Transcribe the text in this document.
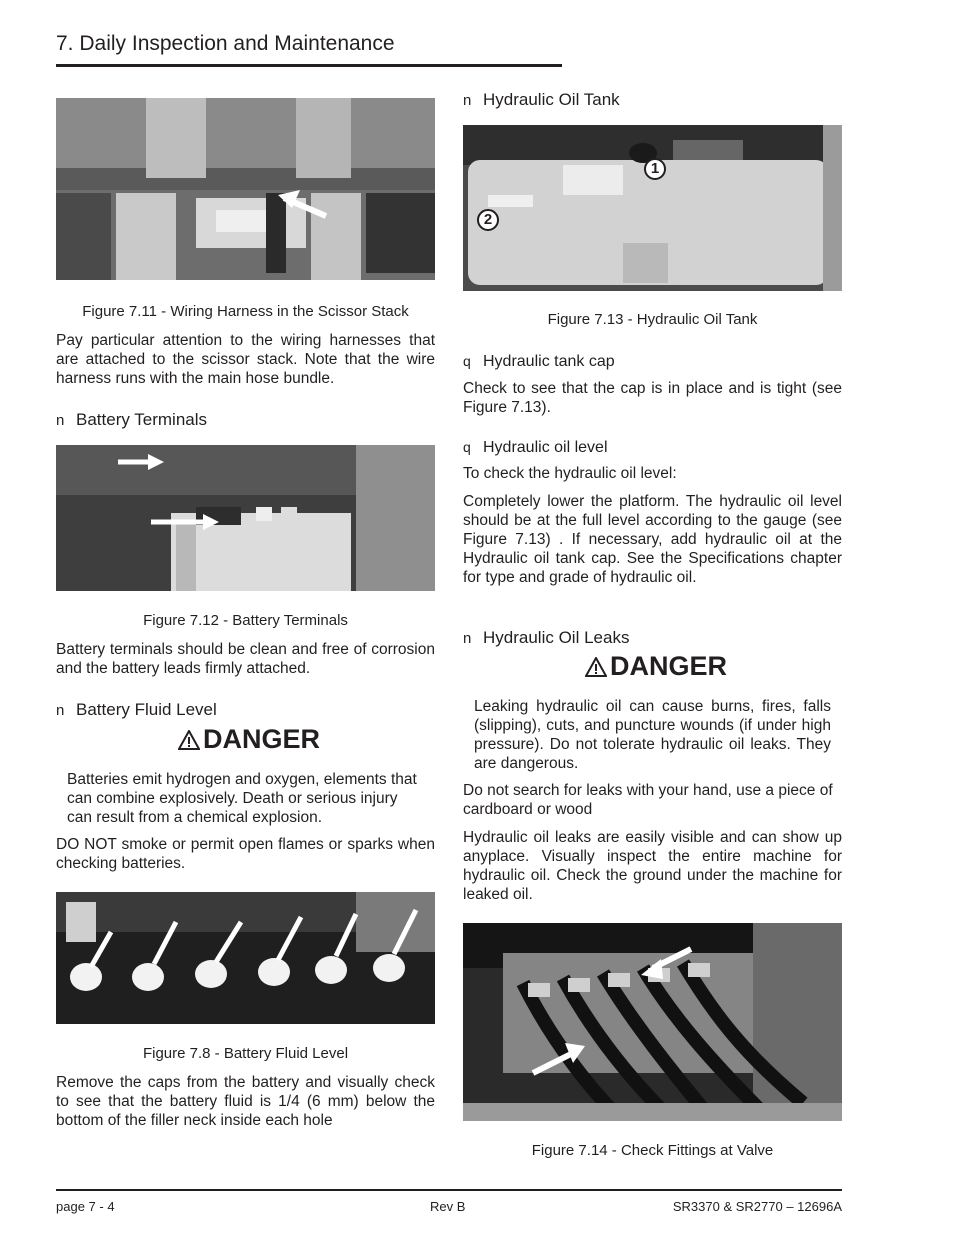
7. Daily Inspection and Maintenance
Figure 7.11 - Wiring Harness in the Scissor Stack

Pay particular attention to the wiring harnesses that are attached to the scissor stack. Note that the wire harness runs with the main hose bundle.

n Battery Terminals
Figure 7.12 - Battery Terminals

Battery terminals should be clean and free of corrosion and the battery leads firmly attached.

n Battery Fluid Level
DANGER

Batteries emit hydrogen and oxygen, elements that can combine explosively. Death or serious injury can result from a chemical explosion.

DO NOT smoke or permit open flames or sparks when checking batteries.

Figure 7.8 - Battery Fluid Level

Remove the caps from the battery and visually check to see that the battery fluid is 1/4 (6 mm) below the bottom of the filler neck inside each hole

n Hydraulic Oil Tank
1
2
Figure 7.13 - Hydraulic Oil Tank
q Hydraulic tank cap

Check to see that the cap is in place and is tight (see Figure 7.13).

q Hydraulic oil level

To check the hydraulic oil level:

Completely lower the platform. The hydraulic oil level should be at the full level according to the gauge (see Figure 7.13) . If necessary, add hydraulic oil at the Hydraulic oil tank cap. See the Specifications chapter for type and grade of hydraulic oil.

n Hydraulic Oil Leaks
DANGER

Leaking hydraulic oil can cause burns, fires, falls (slipping), cuts, and puncture wounds (if under high pressure). Do not tolerate hydraulic oil leaks. They are dangerous.

Do not search for leaks with your hand, use a piece of cardboard or wood

Hydraulic oil leaks are easily visible and can show up anyplace. Visually inspect the entire machine for hydraulic oil. Check the ground under the machine for leaked oil.

Figure 7.14 - Check Fittings at Valve
page 7 - 4	Rev B	SR3370 & SR2770 – 12696A
